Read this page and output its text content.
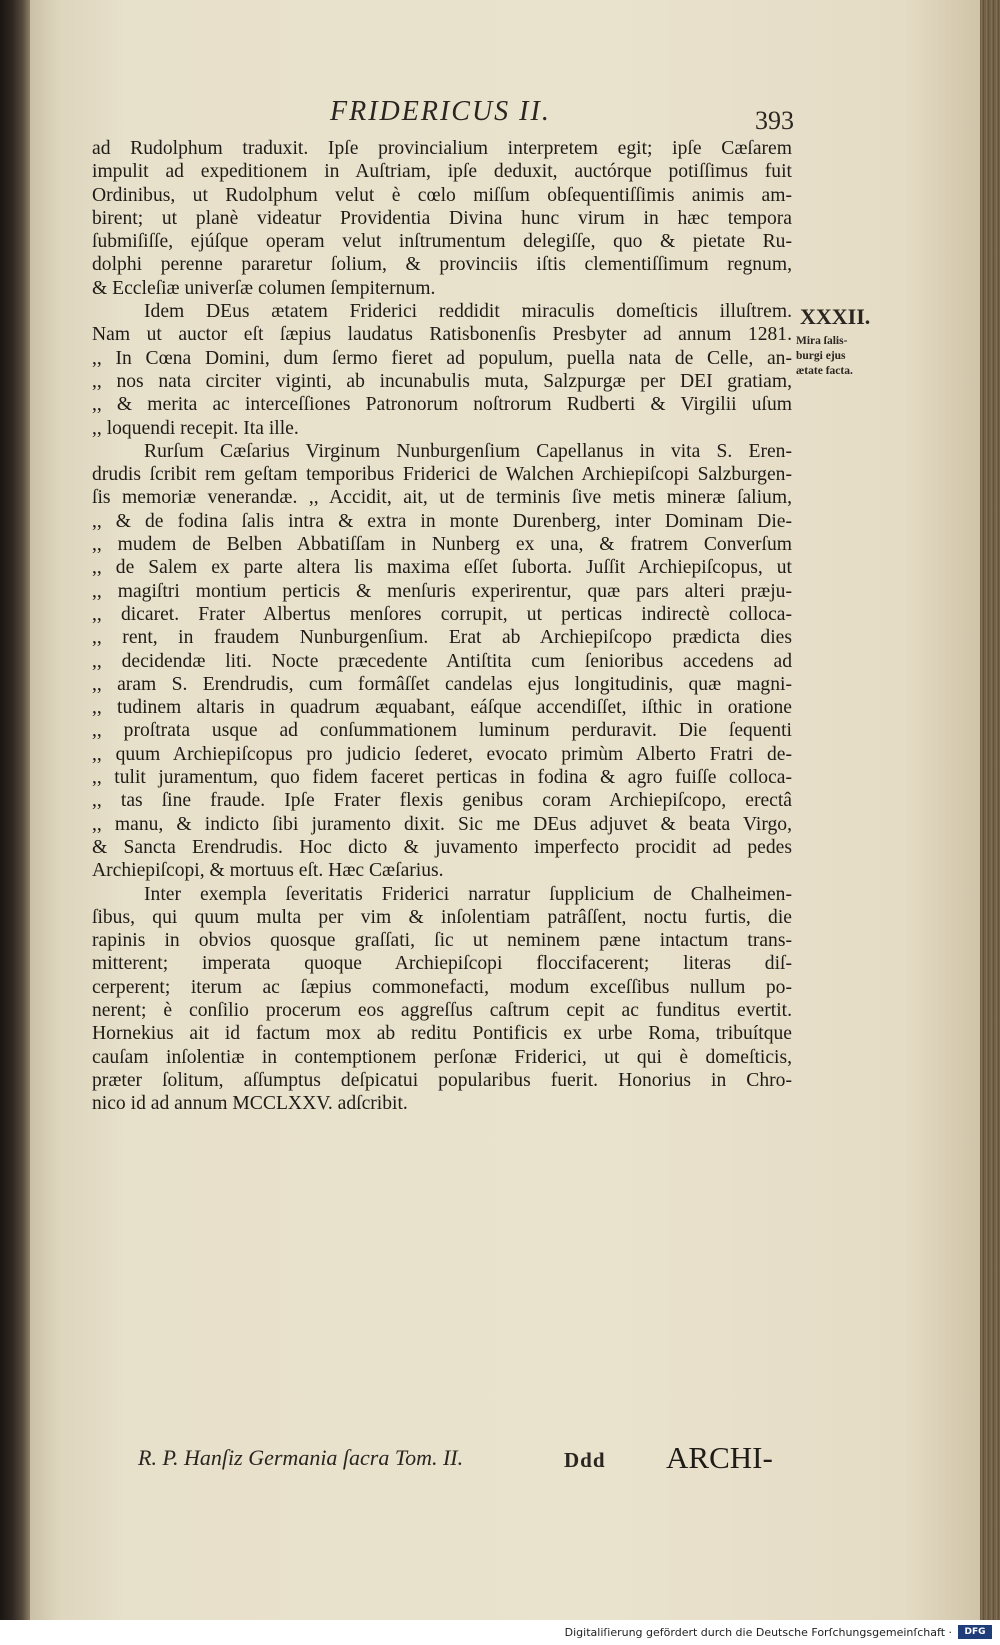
FRIDERICUS II.	393
ad Rudolphum traduxit. Ipſe provincialium interpretem egit; ipſe Cæſarem
impulit ad expeditionem in Auſtriam, ipſe deduxit, auctórque potiſſimus fuit
Ordinibus, ut Rudolphum velut è cœlo miſſum obſequentiſſimis animis am-
birent; ut planè videatur Providentia Divina hunc virum in hæc tempora
ſubmiſiſſe, ejúſque operam velut inſtrumentum delegiſſe, quo & pietate Ru-
dolphi perenne pararetur ſolium, & provinciis iſtis clementiſſimum regnum,
& Eccleſiæ univerſæ columen ſempiternum.
Idem DEus ætatem Friderici reddidit miraculis domeſticis illuſtrem.
Nam ut auctor eſt ſæpius laudatus Ratisbonenſis Presbyter ad annum 1281.
,, In Cœna Domini, dum ſermo fieret ad populum, puella nata de Celle, an-
,, nos nata circiter viginti, ab incunabulis muta, Salzpurgæ per DEI gratiam,
,, & merita ac interceſſiones Patronorum noſtrorum Rudberti & Virgilii uſum
,, loquendi recepit. Ita ille.
Rurſum Cæſarius Virginum Nunburgenſium Capellanus in vita S. Eren-
drudis ſcribit rem geſtam temporibus Friderici de Walchen Archiepiſcopi Salzburgen-
ſis memoriæ venerandæ. ,, Accidit, ait, ut de terminis ſive metis mineræ ſalium,
,, & de fodina ſalis intra & extra in monte Durenberg, inter Dominam Die-
,, mudem de Belben Abbatiſſam in Nunberg ex una, & fratrem Converſum
,, de Salem ex parte altera lis maxima eſſet ſuborta. Juſſit Archiepiſcopus, ut
,, magiſtri montium perticis & menſuris experirentur, quæ pars alteri præju-
,, dicaret. Frater Albertus menſores corrupit, ut perticas indirectè colloca-
,, rent, in fraudem Nunburgenſium. Erat ab Archiepiſcopo prædicta dies
,, decidendæ liti. Nocte præcedente Antiſtita cum ſenioribus accedens ad
,, aram S. Erendrudis, cum formâſſet candelas ejus longitudinis, quæ magni-
,, tudinem altaris in quadrum æquabant, eáſque accendiſſet, iſthic in oratione
,, proſtrata usque ad conſummationem luminum perduravit. Die ſequenti
,, quum Archiepiſcopus pro judicio ſederet, evocato primùm Alberto Fratri de-
,, tulit juramentum, quo fidem faceret perticas in fodina & agro fuiſſe colloca-
,, tas ſine fraude. Ipſe Frater flexis genibus coram Archiepiſcopo, erectâ
,, manu, & indicto ſibi juramento dixit. Sic me DEus adjuvet & beata Virgo,
& Sancta Erendrudis. Hoc dicto & juvamento imperfecto procidit ad pedes
Archiepiſcopi, & mortuus eſt. Hæc Cæſarius.
Inter exempla ſeveritatis Friderici narratur ſupplicium de Chalheimen-
ſibus, qui quum multa per vim & inſolentiam patrâſſent, noctu furtis, die
rapinis in obvios quosque graſſati, ſic ut neminem pæne intactum trans-
mitterent; imperata quoque Archiepiſcopi floccifacerent; literas diſ-
cerperent; iterum ac ſæpius commonefacti, modum exceſſibus nullum po-
nerent; è conſilio procerum eos aggreſſus caſtrum cepit ac funditus evertit.
Hornekius ait id factum mox ab reditu Pontificis ex urbe Roma, tribuítque
cauſam inſolentiæ in contemptionem perſonæ Friderici, ut qui è domeſticis,
præter ſolitum, aſſumptus deſpicatui popularibus fuerit. Honorius in Chro-
nico id ad annum MCCLXXV. adſcribit.
XXXII.
Mira ſalis-burgi ejus ætate facta.
R. P. Hanſiz Germania ſacra Tom. II.	Ddd ARCHI-
Digitaliſierung gefördert durch die Deutsche Forſchungsgemeinſchaft ·	DFG
